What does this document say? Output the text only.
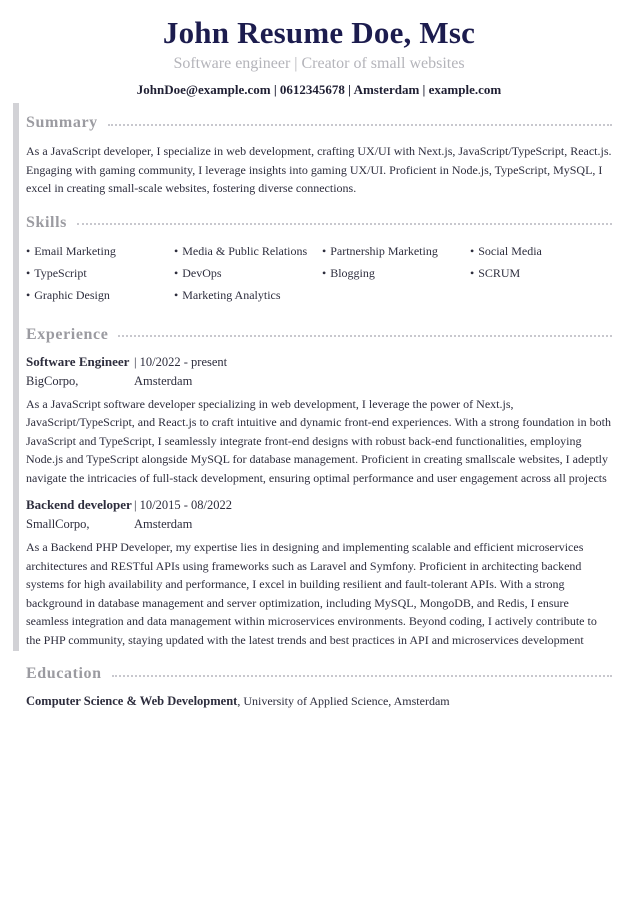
John Resume Doe, Msc
Software engineer | Creator of small websites
JohnDoe@example.com | 0612345678 | Amsterdam | example.com
Summary

As a JavaScript developer, I specialize in web development, crafting UX/UI with Next.js, JavaScript/TypeScript, React.js. Engaging with gaming community, I leverage insights into gaming UX/UI. Proficient in Node.js, TypeScript, MySQL, I excel in creating small-scale websites, fostering diverse connections.

Skills
• Email Marketing
• TypeScript
• Graphic Design
• Media & Public Relations
• DevOps
• Marketing Analytics
• Partnership Marketing
• Blogging
• Social Media
• SCRUM
Experience
Software Engineer | 10/2022 - present
BigCorpo,	Amsterdam

As a JavaScript software developer specializing in web development, I leverage the power of Next.js, JavaScript/TypeScript, and React.js to craft intuitive and dynamic front-end experiences. With a strong foundation in both JavaScript and TypeScript, I seamlessly integrate front-end designs with robust back-end functionalities, employing Node.js and TypeScript alongside MySQL for database management. Proficient in creating smallscale websites, I adeptly navigate the intricacies of full-stack development, ensuring optimal performance and user engagement across all projects

Backend developer | 10/2015 - 08/2022
SmallCorpo,	Amsterdam

As a Backend PHP Developer, my expertise lies in designing and implementing scalable and efficient microservices architectures and RESTful APIs using frameworks such as Laravel and Symfony. Proficient in architecting backend systems for high availability and performance, I excel in building resilient and fault-tolerant APIs. With a strong background in database management and server optimization, including MySQL, MongoDB, and Redis, I ensure seamless integration and data management within microservices environments. Beyond coding, I actively contribute to the PHP community, staying updated with the latest trends and best practices in API and microservices development

Education

Computer Science & Web Development, University of Applied Science, Amsterdam
